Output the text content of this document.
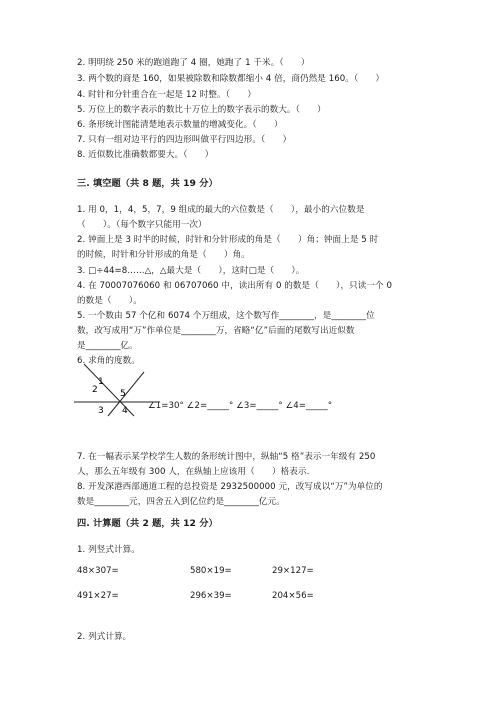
2. 明明绕 250 米的跑道跑了 4 圈，她跑了 1 千米。（　　）
3. 两个数的商是 160，如果被除数和除数都缩小 4 倍，商仍然是 160。（　　）
4. 时针和分针重合在一起是 12 时整。（　　）
5. 万位上的数字表示的数比十万位上的数字表示的数大。（　　）
6. 条形统计图能清楚地表示数量的增减变化。（　　）
7. 只有一组对边平行的四边形叫做平行四边形。（　　）
8. 近似数比准确数都要大。（　　）
三. 填空题（共 8 题，共 19 分）
1. 用 0，1，4，5，7，9 组成的最大的六位数是（　　），最小的六位数是
（　　）。（每个数字只能用一次）
2. 钟面上是 3 时半的时候，时针和分针形成的角是（　　）角；钟面上是 5 时
的时候，时针和分针形成的角是（　　）角。
3. □÷44=8……△，△最大是（　　），这时□是（　　）。
4. 在 70007076060 和 06707060 中，读出所有 0 的数是（　　），只读一个 0
的数是（　　）。
5. 一个数由 57 个亿和 6074 个万组成，这个数写作________，是________位
数，改写成用“万”作单位是________万，省略“亿”后面的尾数写出近似数
是________亿。
6. 求角的度数。
1
2
3 4
5
∠1=30° ∠2=_____° ∠3=_____° ∠4=_____°
7. 在一幅表示某学校学生人数的条形统计图中，纵轴“5 格”表示一年级有 250
人，那么五年级有 300 人，在纵轴上应该用（　　）格表示.
8. 开发深港西部通道工程的总投资是 2932500000 元，改写成以“万”为单位的
数是________元，四舍五入到亿位约是________亿元。
四. 计算题（共 2 题，共 12 分）
1. 列竖式计算。
48×307=	580×19=	29×127=
491×27=	296×39=	204×56=
2. 列式计算。
